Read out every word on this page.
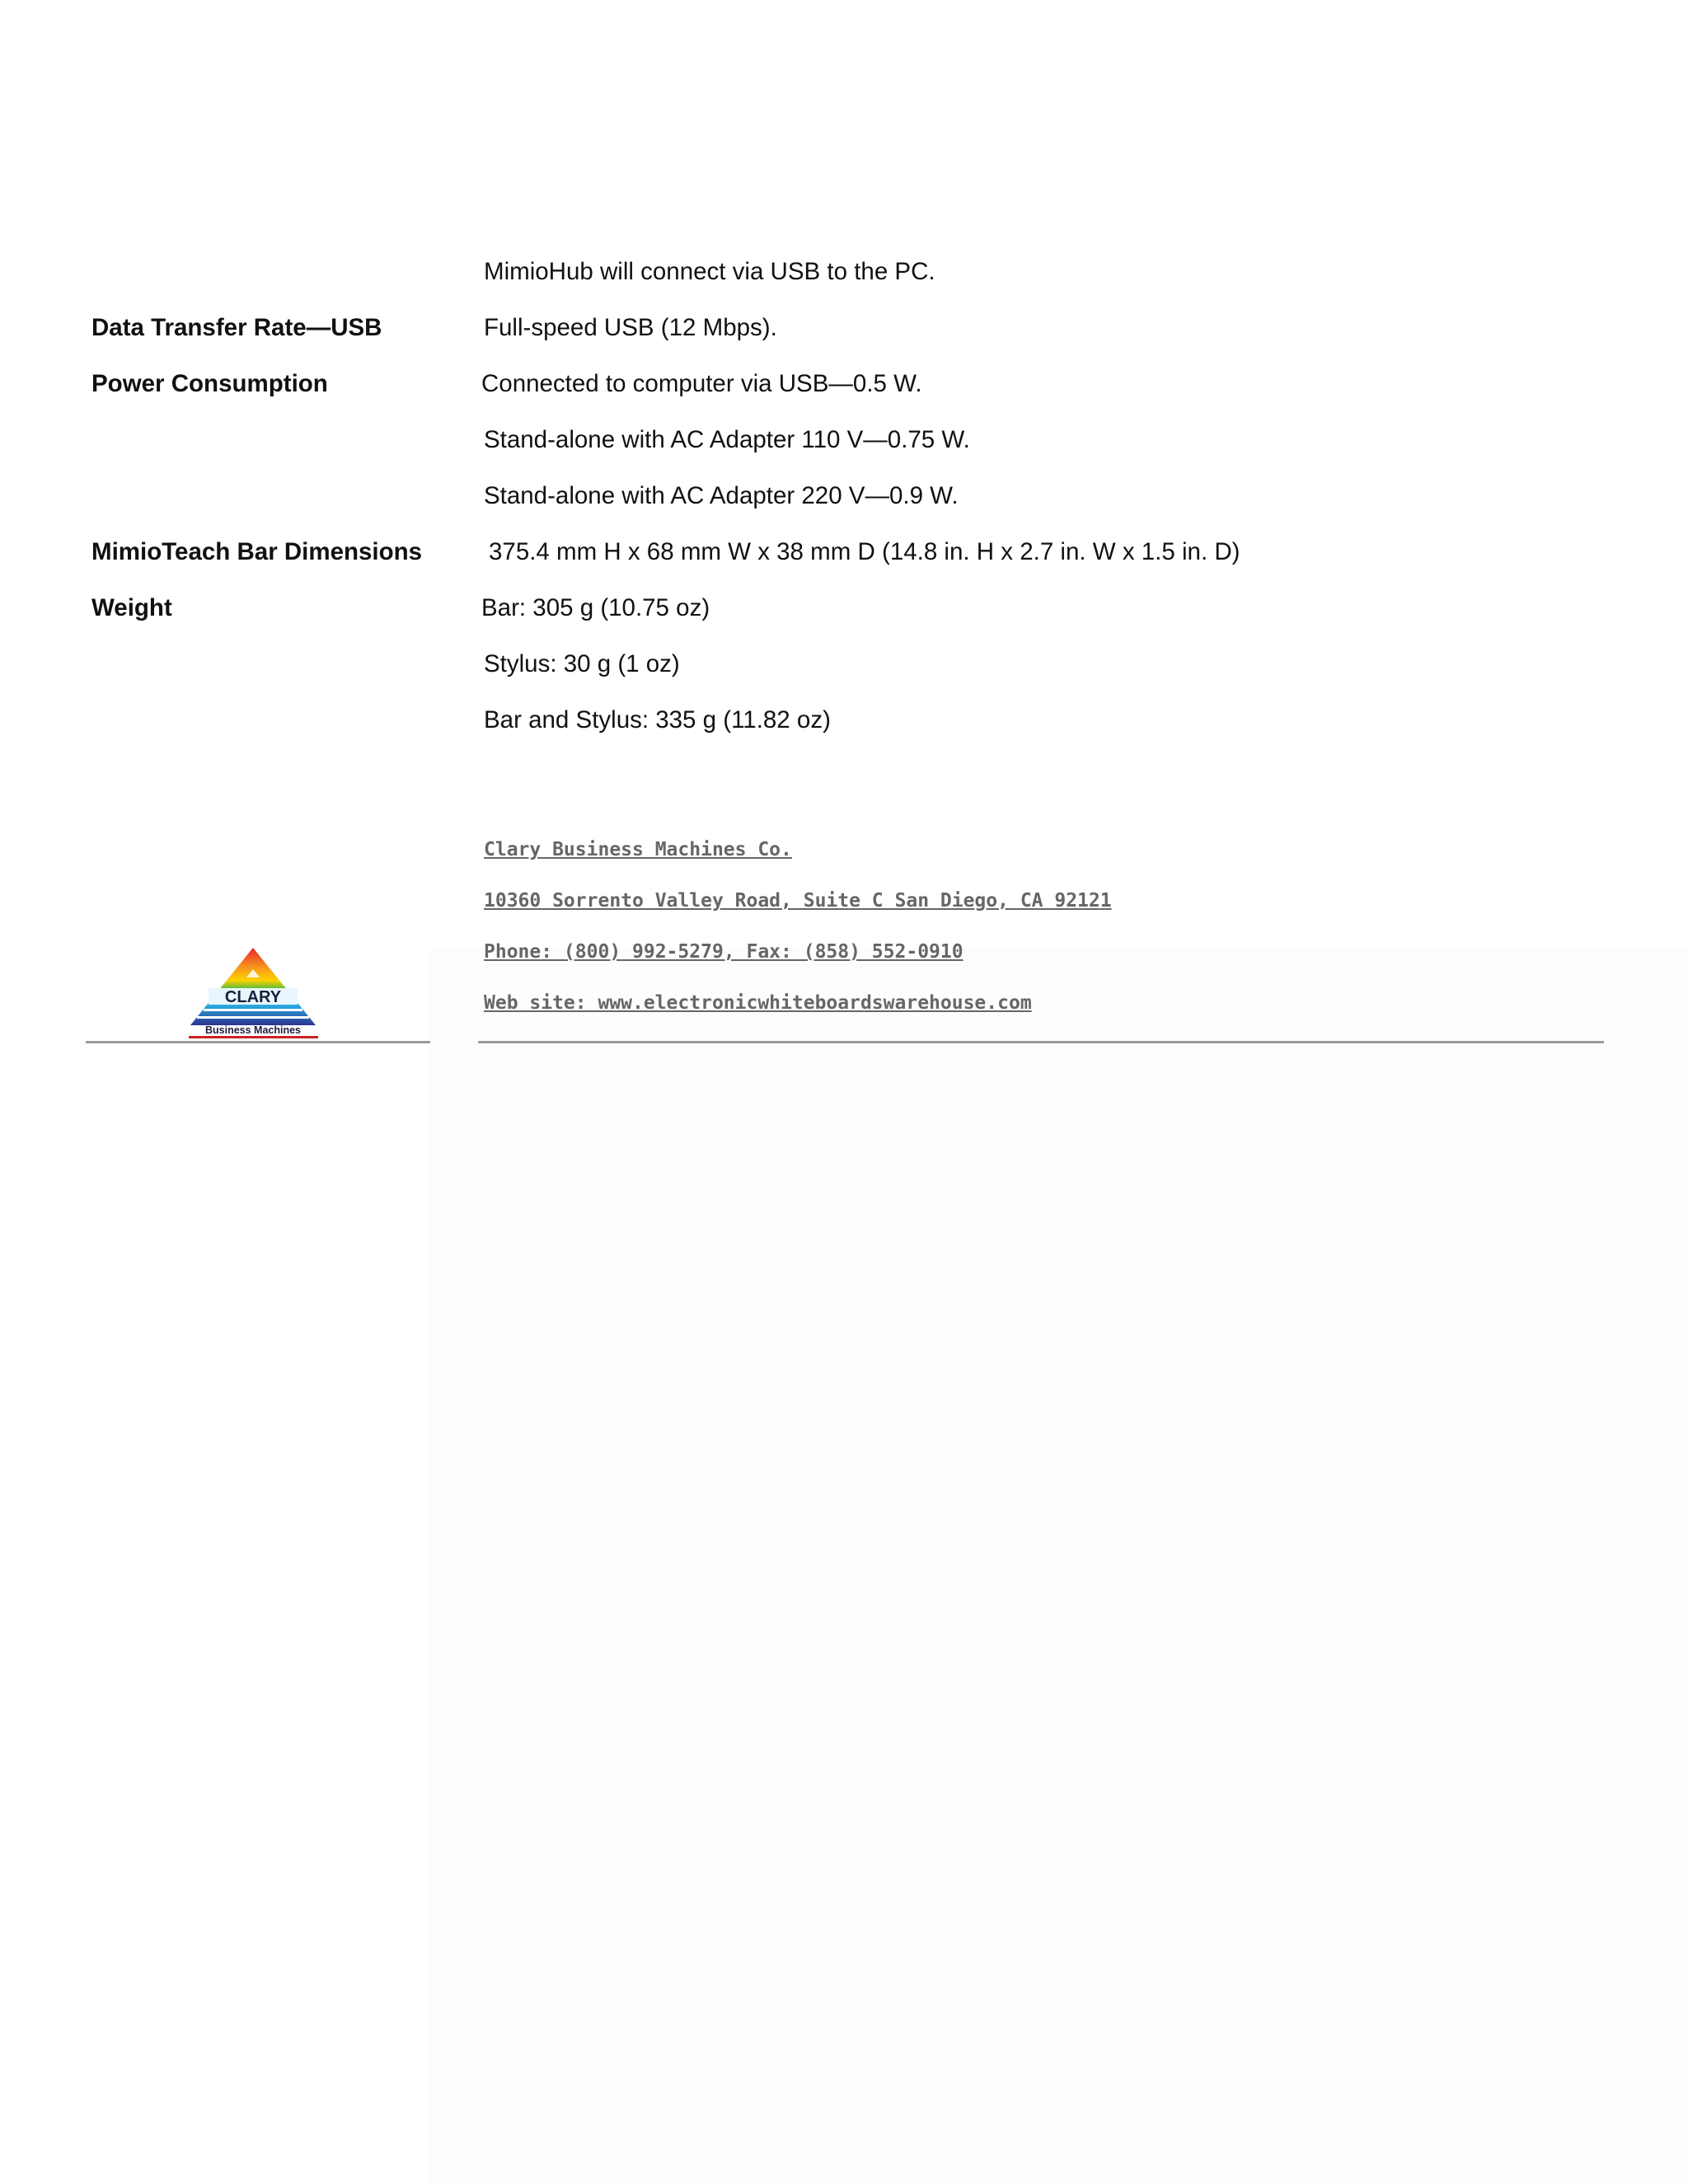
MimioHub will connect via USB to the PC.
Data Transfer Rate—USB	Full-speed USB (12 Mbps).
Power Consumption	Connected to computer via USB—0.5 W.
Stand-alone with AC Adapter 110 V—0.75 W.
Stand-alone with AC Adapter 220 V—0.9 W.
MimioTeach Bar Dimensions	375.4 mm H x 68 mm W x 38 mm D (14.8 in. H x 2.7 in. W x 1.5 in. D)
Weight	Bar: 305 g (10.75 oz)
Stylus: 30 g (1 oz)
Bar and Stylus: 335 g (11.82 oz)
Clary Business Machines Co.
10360 Sorrento Valley Road, Suite C San Diego, CA 92121
Phone: (800) 992-5279, Fax: (858) 552-0910
Web site: www.electronicwhiteboardswarehouse.com
CLARY
Business Machines
